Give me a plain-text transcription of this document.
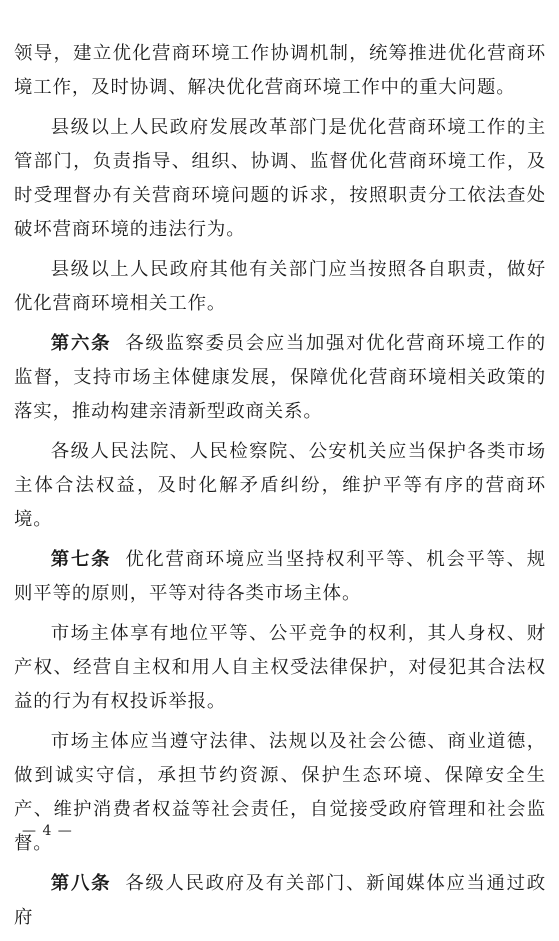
领导，建立优化营商环境工作协调机制，统筹推进优化营商环境工作，及时协调、解决优化营商环境工作中的重大问题。

县级以上人民政府发展改革部门是优化营商环境工作的主管部门，负责指导、组织、协调、监督优化营商环境工作，及时受理督办有关营商环境问题的诉求，按照职责分工依法查处破坏营商环境的违法行为。

县级以上人民政府其他有关部门应当按照各自职责，做好优化营商环境相关工作。

第六条 各级监察委员会应当加强对优化营商环境工作的监督，支持市场主体健康发展，保障优化营商环境相关政策的落实，推动构建亲清新型政商关系。

各级人民法院、人民检察院、公安机关应当保护各类市场主体合法权益，及时化解矛盾纠纷，维护平等有序的营商环境。

第七条 优化营商环境应当坚持权利平等、机会平等、规则平等的原则，平等对待各类市场主体。

市场主体享有地位平等、公平竞争的权利，其人身权、财产权、经营自主权和用人自主权受法律保护，对侵犯其合法权益的行为有权投诉举报。

市场主体应当遵守法律、法规以及社会公德、商业道德，做到诚实守信，承担节约资源、保护生态环境、保障安全生产、维护消费者权益等社会责任，自觉接受政府管理和社会监督。

第八条 各级人民政府及有关部门、新闻媒体应当通过政府

— 4 —
